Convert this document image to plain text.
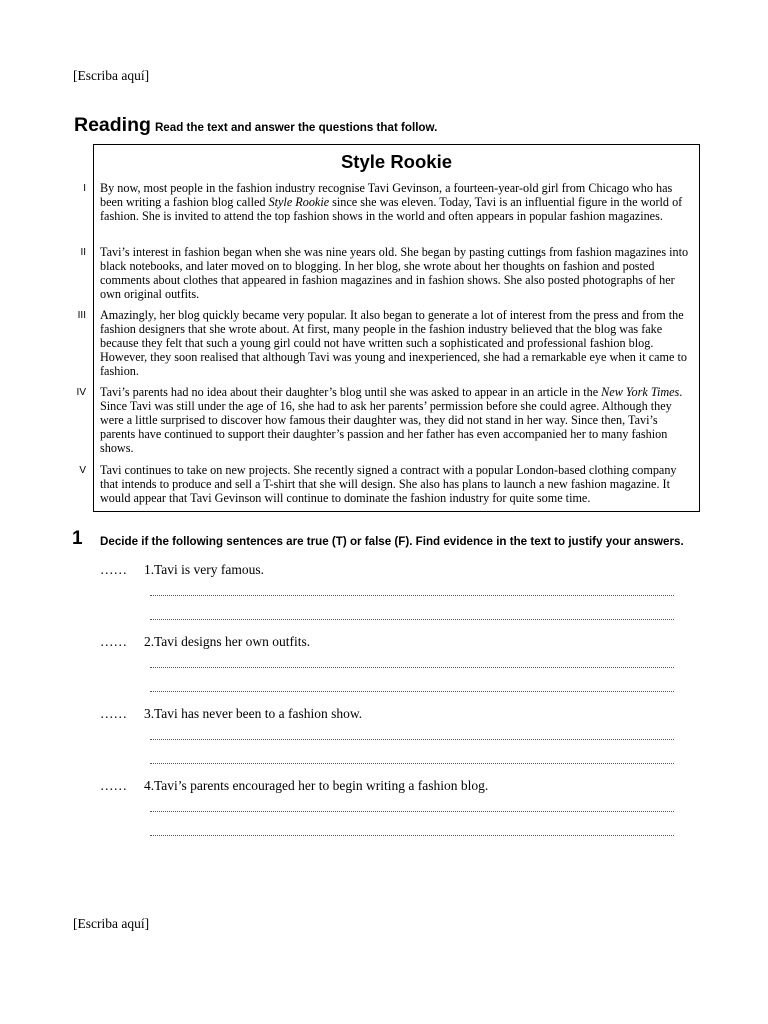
[Escriba aquí]
Reading Read the text and answer the questions that follow.
Style Rookie
I By now, most people in the fashion industry recognise Tavi Gevinson, a fourteen-year-old girl from Chicago who has been writing a fashion blog called Style Rookie since she was eleven. Today, Tavi is an influential figure in the world of fashion. She is invited to attend the top fashion shows in the world and often appears in popular fashion magazines.
II Tavi’s interest in fashion began when she was nine years old. She began by pasting cuttings from fashion magazines into black notebooks, and later moved on to blogging. In her blog, she wrote about her thoughts on fashion and posted comments about clothes that appeared in fashion magazines and in fashion shows. She also posted photographs of her own original outfits.
III Amazingly, her blog quickly became very popular. It also began to generate a lot of interest from the press and from the fashion designers that she wrote about. At first, many people in the fashion industry believed that the blog was fake because they felt that such a young girl could not have written such a sophisticated and professional fashion blog. However, they soon realised that although Tavi was young and inexperienced, she had a remarkable eye when it came to fashion.
IV Tavi’s parents had no idea about their daughter’s blog until she was asked to appear in an article in the New York Times. Since Tavi was still under the age of 16, she had to ask her parents’ permission before she could agree. Although they were a little surprised to discover how famous their daughter was, they did not stand in her way. Since then, Tavi’s parents have continued to support their daughter’s passion and her father has even accompanied her to many fashion shows.
V Tavi continues to take on new projects. She recently signed a contract with a popular London-based clothing company that intends to produce and sell a T-shirt that she will design. She also has plans to launch a new fashion magazine. It would appear that Tavi Gevinson will continue to dominate the fashion industry for quite some time.
1 Decide if the following sentences are true (T) or false (F). Find evidence in the text to justify your answers.
…… 1.Tavi is very famous.
…… 2.Tavi designs her own outfits.
…… 3.Tavi has never been to a fashion show.
…… 4.Tavi’s parents encouraged her to begin writing a fashion blog.
[Escriba aquí]
